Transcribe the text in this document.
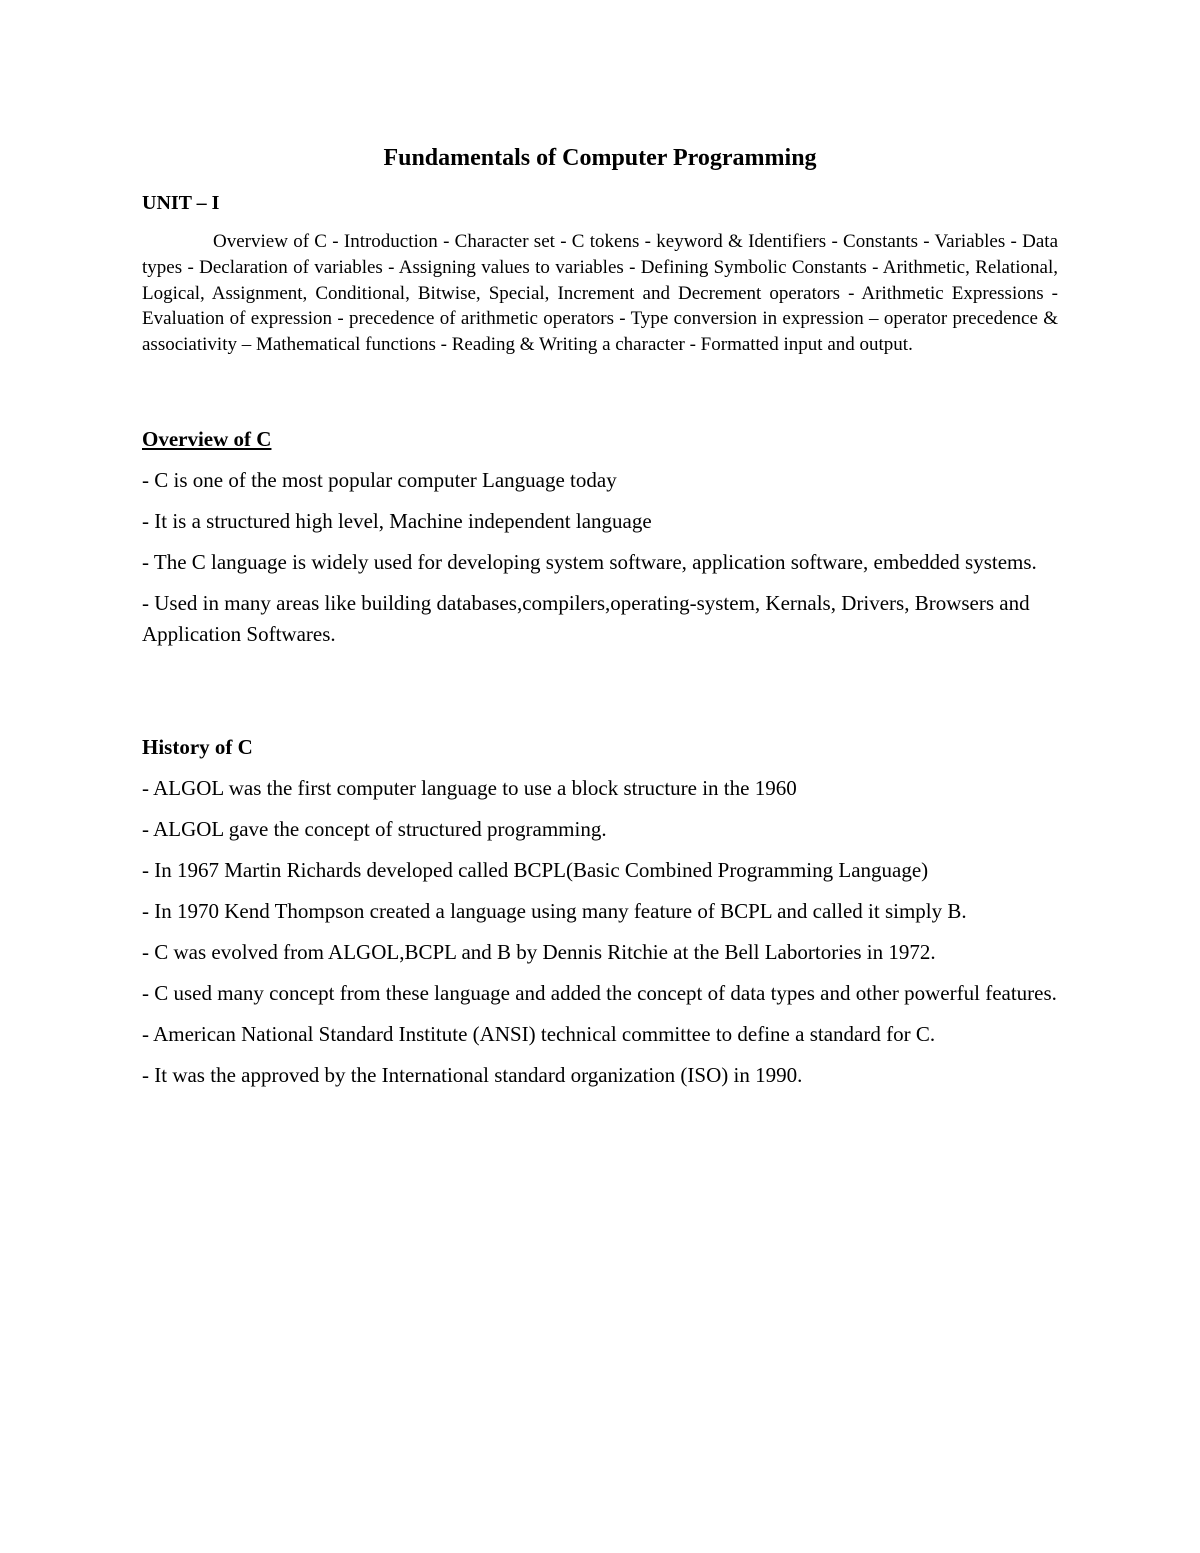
Fundamentals of Computer Programming
UNIT – I

Overview of C - Introduction - Character set - C tokens - keyword & Identifiers - Constants - Variables - Data types - Declaration of variables - Assigning values to variables - Defining Symbolic Constants - Arithmetic, Relational, Logical, Assignment, Conditional, Bitwise, Special, Increment and Decrement operators - Arithmetic Expressions - Evaluation of expression - precedence of arithmetic operators - Type conversion in expression – operator precedence & associativity – Mathematical functions - Reading & Writing a character - Formatted input and output.

Overview of C
- C is one of the most popular computer Language today
- It is a structured high level, Machine independent language
- The C language is widely used for developing system software, application software, embedded systems.
- Used in many areas like building databases,compilers,operating-system, Kernals, Drivers, Browsers and Application Softwares.
History of C
- ALGOL was the first computer language to use a block structure in the 1960
- ALGOL gave the concept of structured programming.
- In 1967 Martin Richards developed called BCPL(Basic Combined Programming Language)
- In 1970 Kend Thompson created a language using many feature of BCPL and called it simply B.
- C was evolved from ALGOL,BCPL and B by Dennis Ritchie at the Bell Labortories in 1972.
- C used many concept from these language and added the concept of data types and other powerful features.
- American National Standard Institute (ANSI) technical committee to define a standard for C.
- It was the approved by the International standard organization (ISO) in 1990.
